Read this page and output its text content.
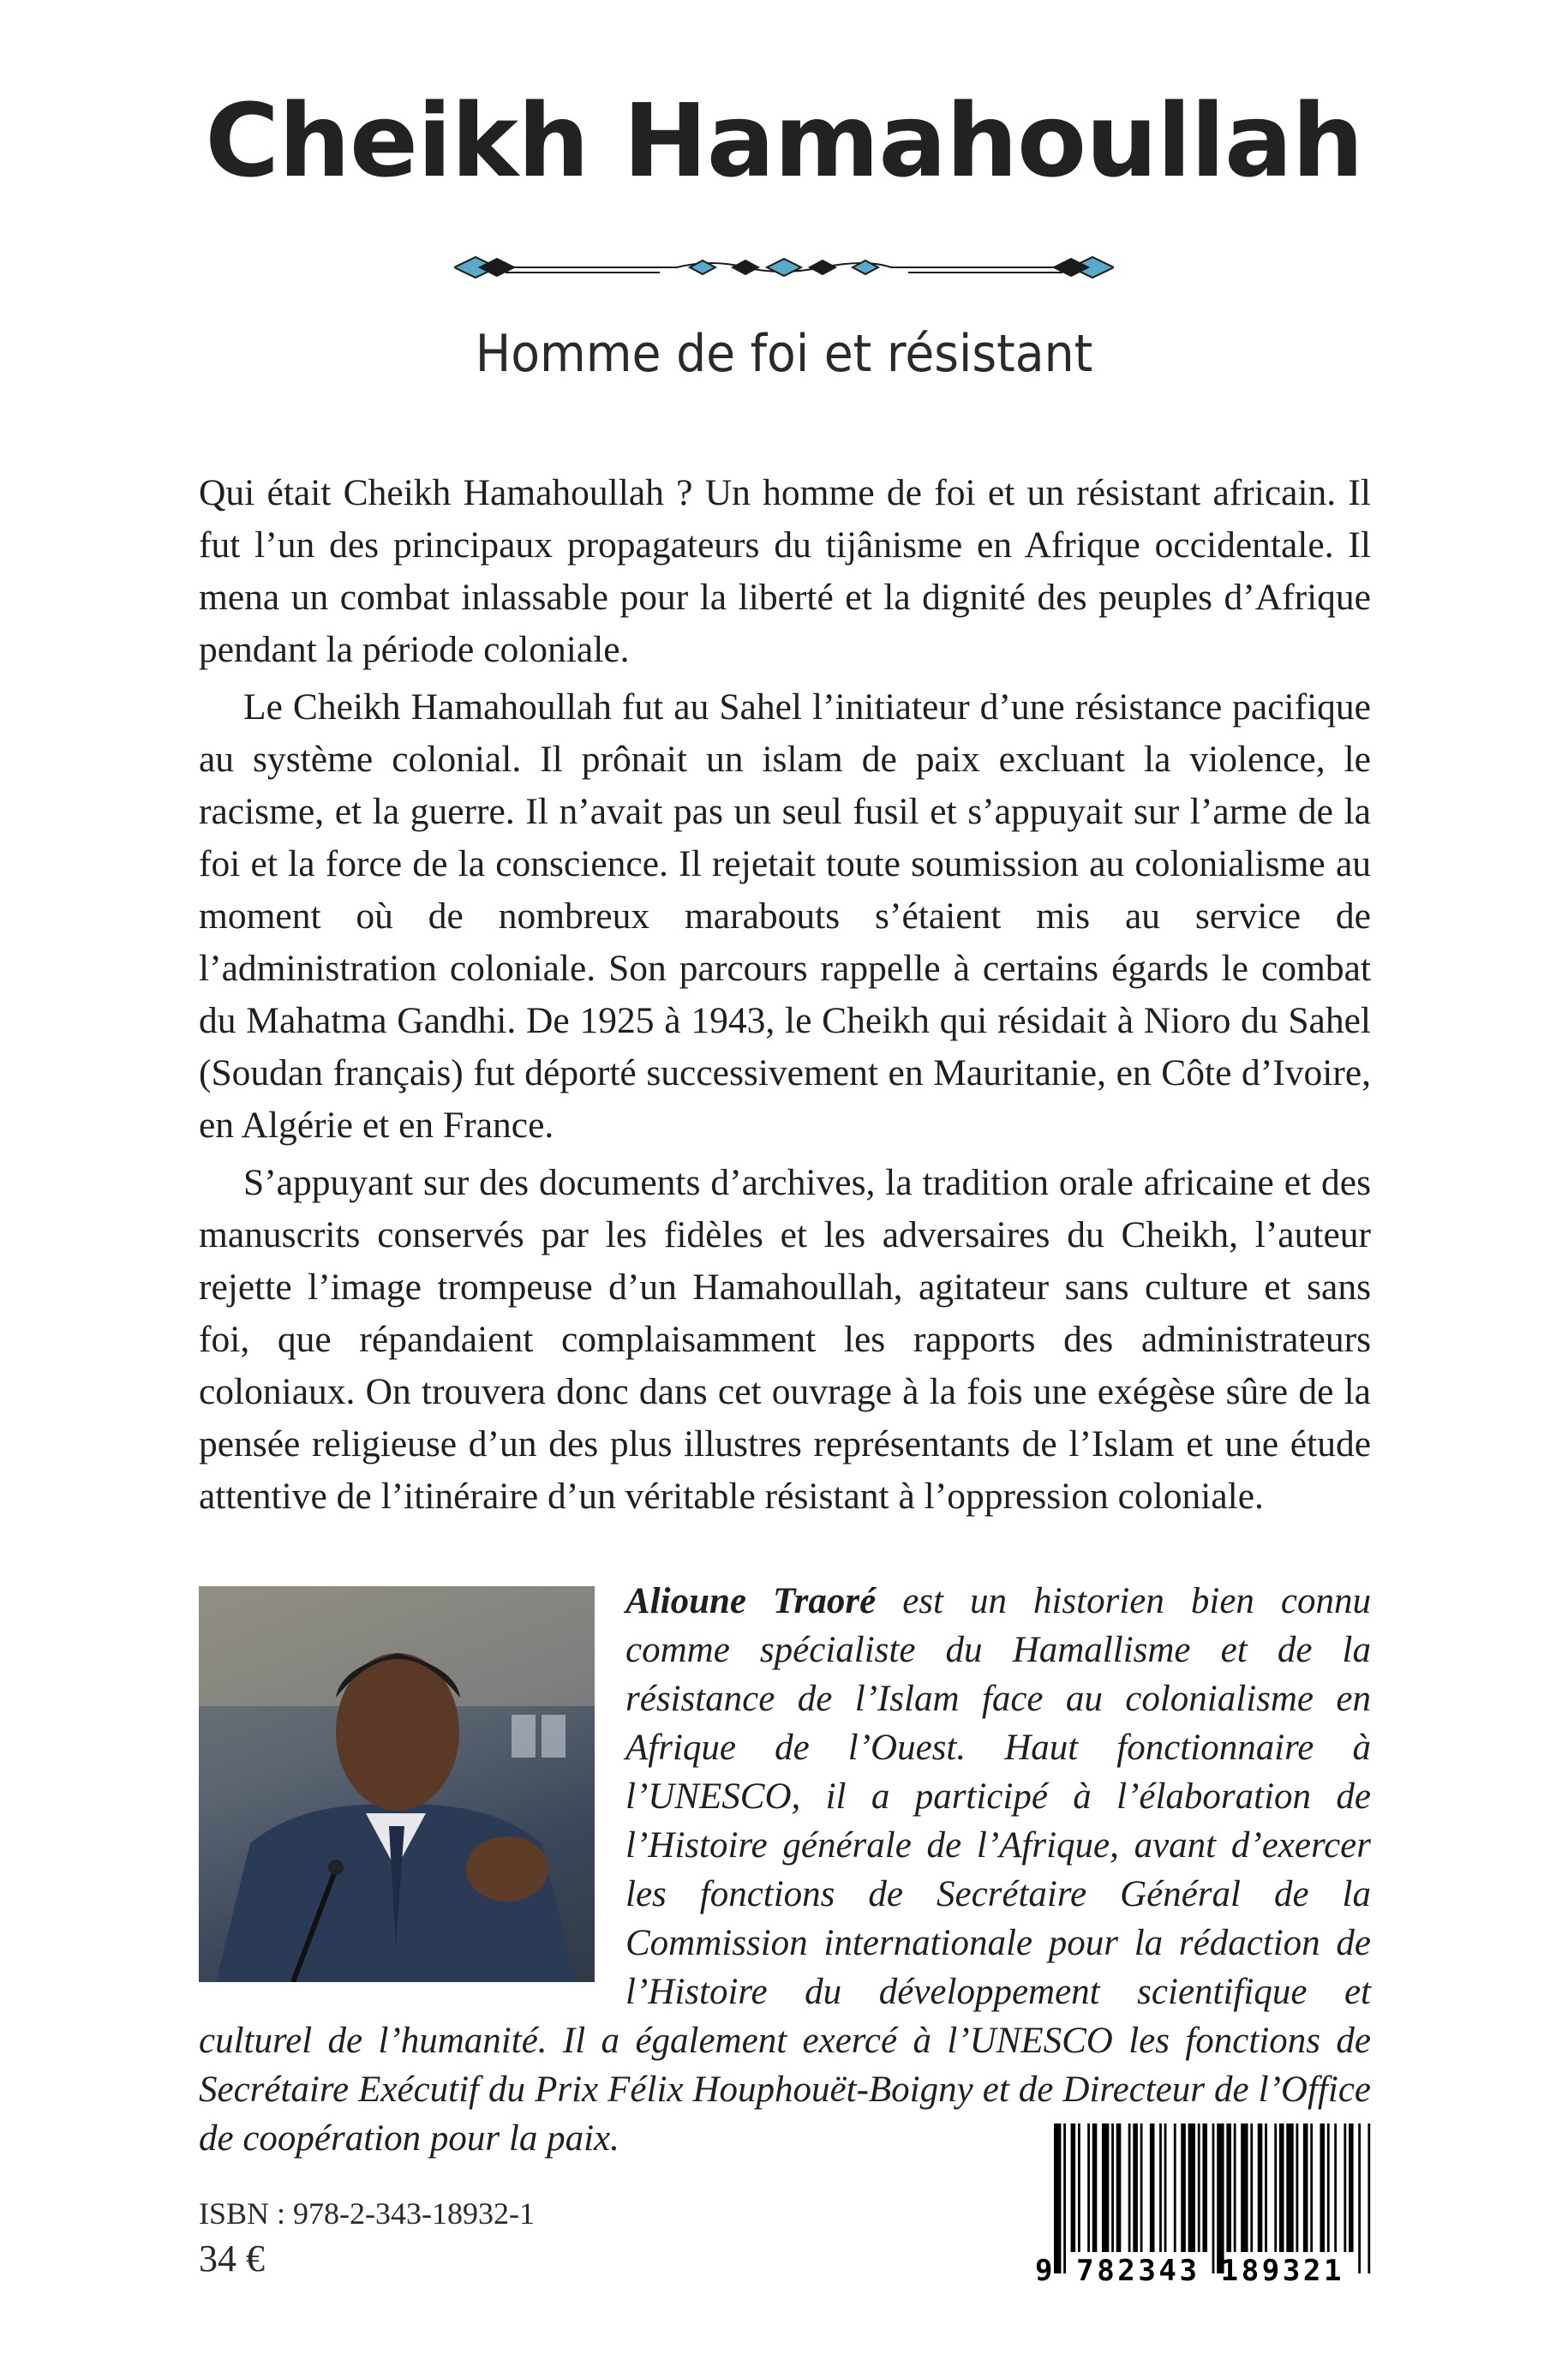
Cheikh Hamahoullah
Homme de foi et résistant

Qui était Cheikh Hamahoullah ? Un homme de foi et un résistant africain. Il fut l’un des principaux propagateurs du tijânisme en Afrique occidentale. Il mena un combat inlassable pour la liberté et la dignité des peuples d’Afrique pendant la période coloniale.

Le Cheikh Hamahoullah fut au Sahel l’initiateur d’une résistance pacifique au système colonial. Il prônait un islam de paix excluant la violence, le racisme, et la guerre. Il n’avait pas un seul fusil et s’appuyait sur l’arme de la foi et la force de la conscience. Il rejetait toute soumission au colonialisme au moment où de nombreux marabouts s’étaient mis au service de l’administration coloniale. Son parcours rappelle à certains égards le combat du Mahatma Gandhi. De 1925 à 1943, le Cheikh qui résidait à Nioro du Sahel (Soudan français) fut déporté successivement en Mauritanie, en Côte d’Ivoire, en Algérie et en France.

S’appuyant sur des documents d’archives, la tradition orale africaine et des manuscrits conservés par les fidèles et les adversaires du Cheikh, l’auteur rejette l’image trompeuse d’un Hamahoullah, agitateur sans culture et sans foi, que répandaient complaisamment les rapports des administrateurs coloniaux. On trouvera donc dans cet ouvrage à la fois une exégèse sûre de la pensée religieuse d’un des plus illustres représentants de l’Islam et une étude attentive de l’itinéraire d’un véritable résistant à l’oppression coloniale.

Alioune Traoré est un historien bien connu comme spécialiste du Hamallisme et de la résistance de l’Islam face au colonialisme en Afrique de l’Ouest. Haut fonctionnaire à l’UNESCO, il a participé à l’élaboration de l’Histoire générale de l’Afrique, avant d’exercer les fonctions de Secrétaire Général de la Commission internationale pour la rédaction de l’Histoire du développement scientifique et culturel de l’humanité. Il a également exercé à l’UNESCO les fonctions de Secrétaire Exécutif du Prix Félix Houphouët-Boigny et de Directeur de l’Office de coopération pour la paix.
ISBN : 978-2-343-18932-1
34 €	9 782343 189321
